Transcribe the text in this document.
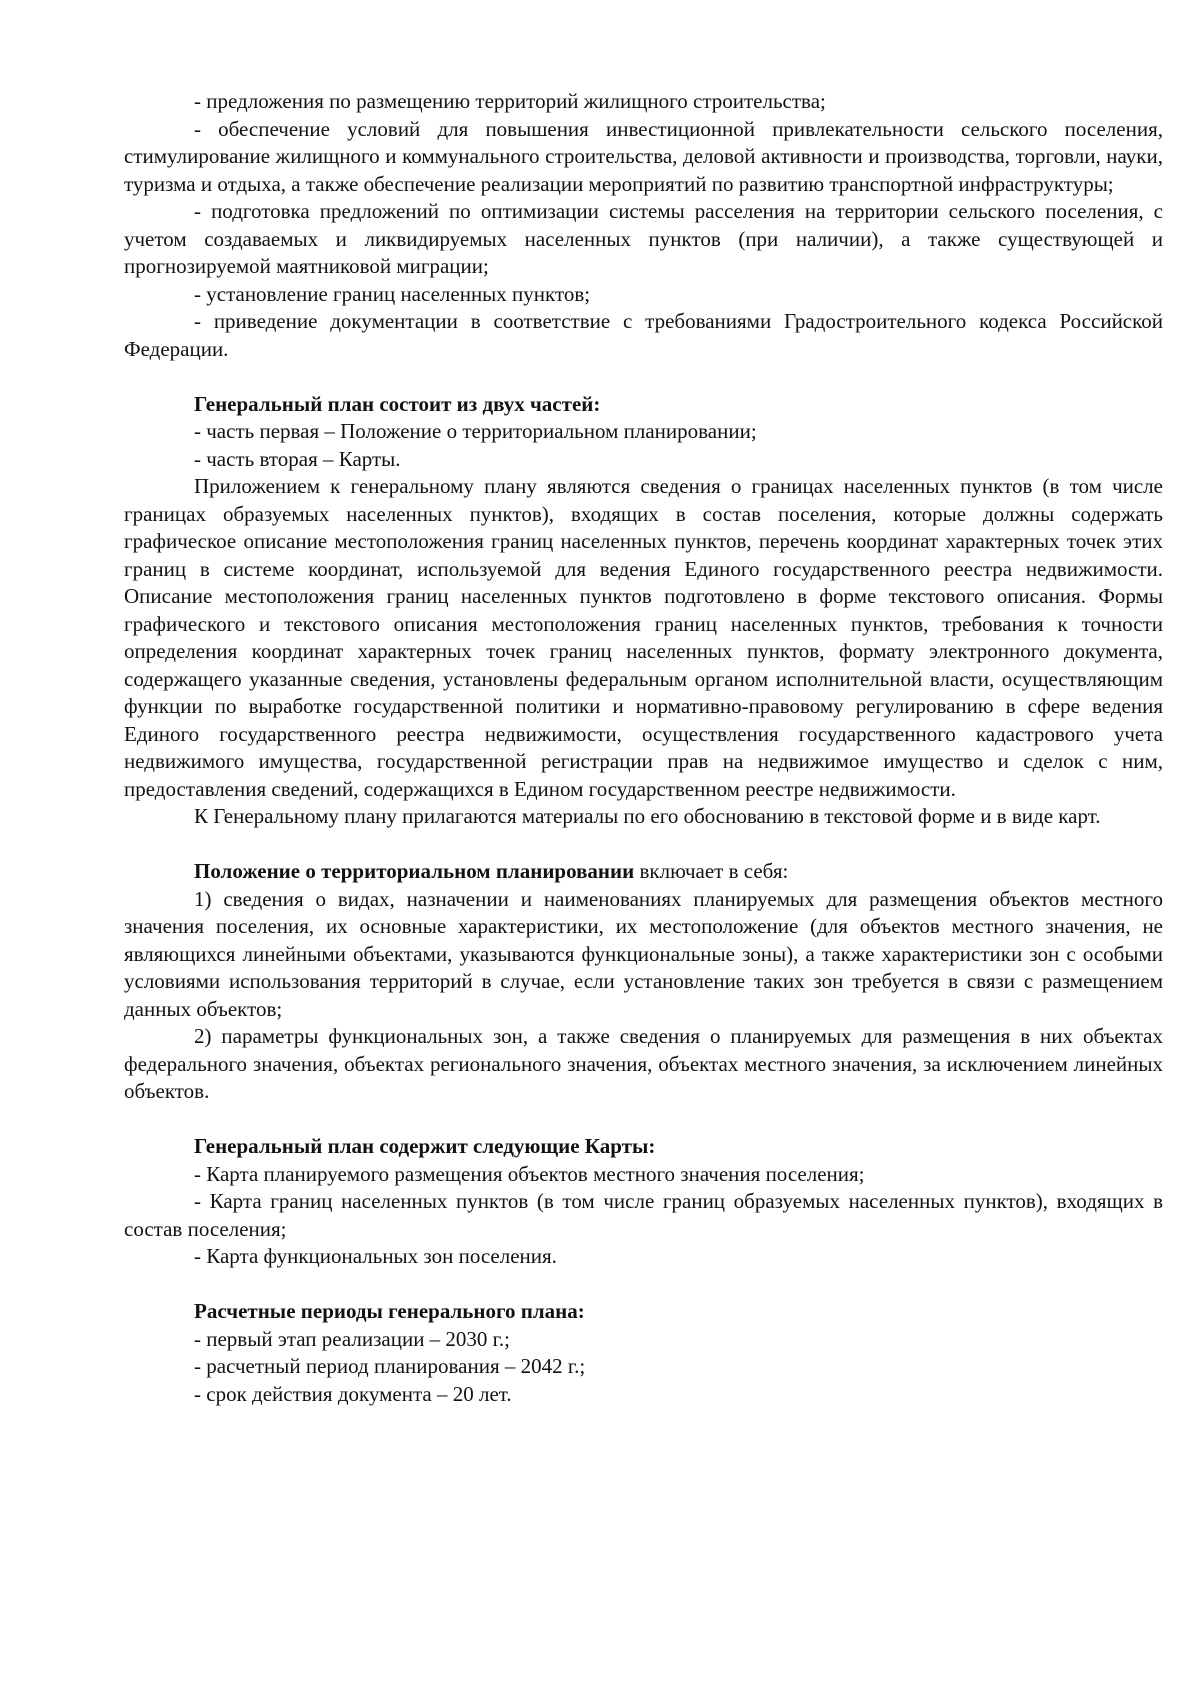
- предложения по размещению территорий жилищного строительства;

- обеспечение условий для повышения инвестиционной привлекательности сельского поселения, стимулирование жилищного и коммунального строительства, деловой активности и производства, торговли, науки, туризма и отдыха, а также обеспечение реализации мероприятий по развитию транспортной инфраструктуры;

- подготовка предложений по оптимизации системы расселения на территории сельского поселения, с учетом создаваемых и ликвидируемых населенных пунктов (при наличии), а также существующей и прогнозируемой маятниковой миграции;

- установление границ населенных пунктов;

- приведение документации в соответствие с требованиями Градостроительного кодекса Российской Федерации.

Генеральный план состоит из двух частей:

- часть первая – Положение о территориальном планировании;

- часть вторая – Карты.

Приложением к генеральному плану являются сведения о границах населенных пунктов (в том числе границах образуемых населенных пунктов), входящих в состав поселения, которые должны содержать графическое описание местоположения границ населенных пунктов, перечень координат характерных точек этих границ в системе координат, используемой для ведения Единого государственного реестра недвижимости. Описание местоположения границ населенных пунктов подготовлено в форме текстового описания. Формы графического и текстового описания местоположения границ населенных пунктов, требования к точности определения координат характерных точек границ населенных пунктов, формату электронного документа, содержащего указанные сведения, установлены федеральным органом исполнительной власти, осуществляющим функции по выработке государственной политики и нормативно-правовому регулированию в сфере ведения Единого государственного реестра недвижимости, осуществления государственного кадастрового учета недвижимого имущества, государственной регистрации прав на недвижимое имущество и сделок с ним, предоставления сведений, содержащихся в Едином государственном реестре недвижимости.

К Генеральному плану прилагаются материалы по его обоснованию в текстовой форме и в виде карт.

Положение о территориальном планировании включает в себя:

1) сведения о видах, назначении и наименованиях планируемых для размещения объектов местного значения поселения, их основные характеристики, их местоположение (для объектов местного значения, не являющихся линейными объектами, указываются функциональные зоны), а также характеристики зон с особыми условиями использования территорий в случае, если установление таких зон требуется в связи с размещением данных объектов;

2) параметры функциональных зон, а также сведения о планируемых для размещения в них объектах федерального значения, объектах регионального значения, объектах местного значения, за исключением линейных объектов.

Генеральный план содержит следующие Карты:

- Карта планируемого размещения объектов местного значения поселения;

- Карта границ населенных пунктов (в том числе границ образуемых населенных пунктов), входящих в состав поселения;

- Карта функциональных зон поселения.

Расчетные периоды генерального плана:

- первый этап реализации – 2030 г.;

- расчетный период планирования – 2042 г.;

- срок действия документа – 20 лет.
